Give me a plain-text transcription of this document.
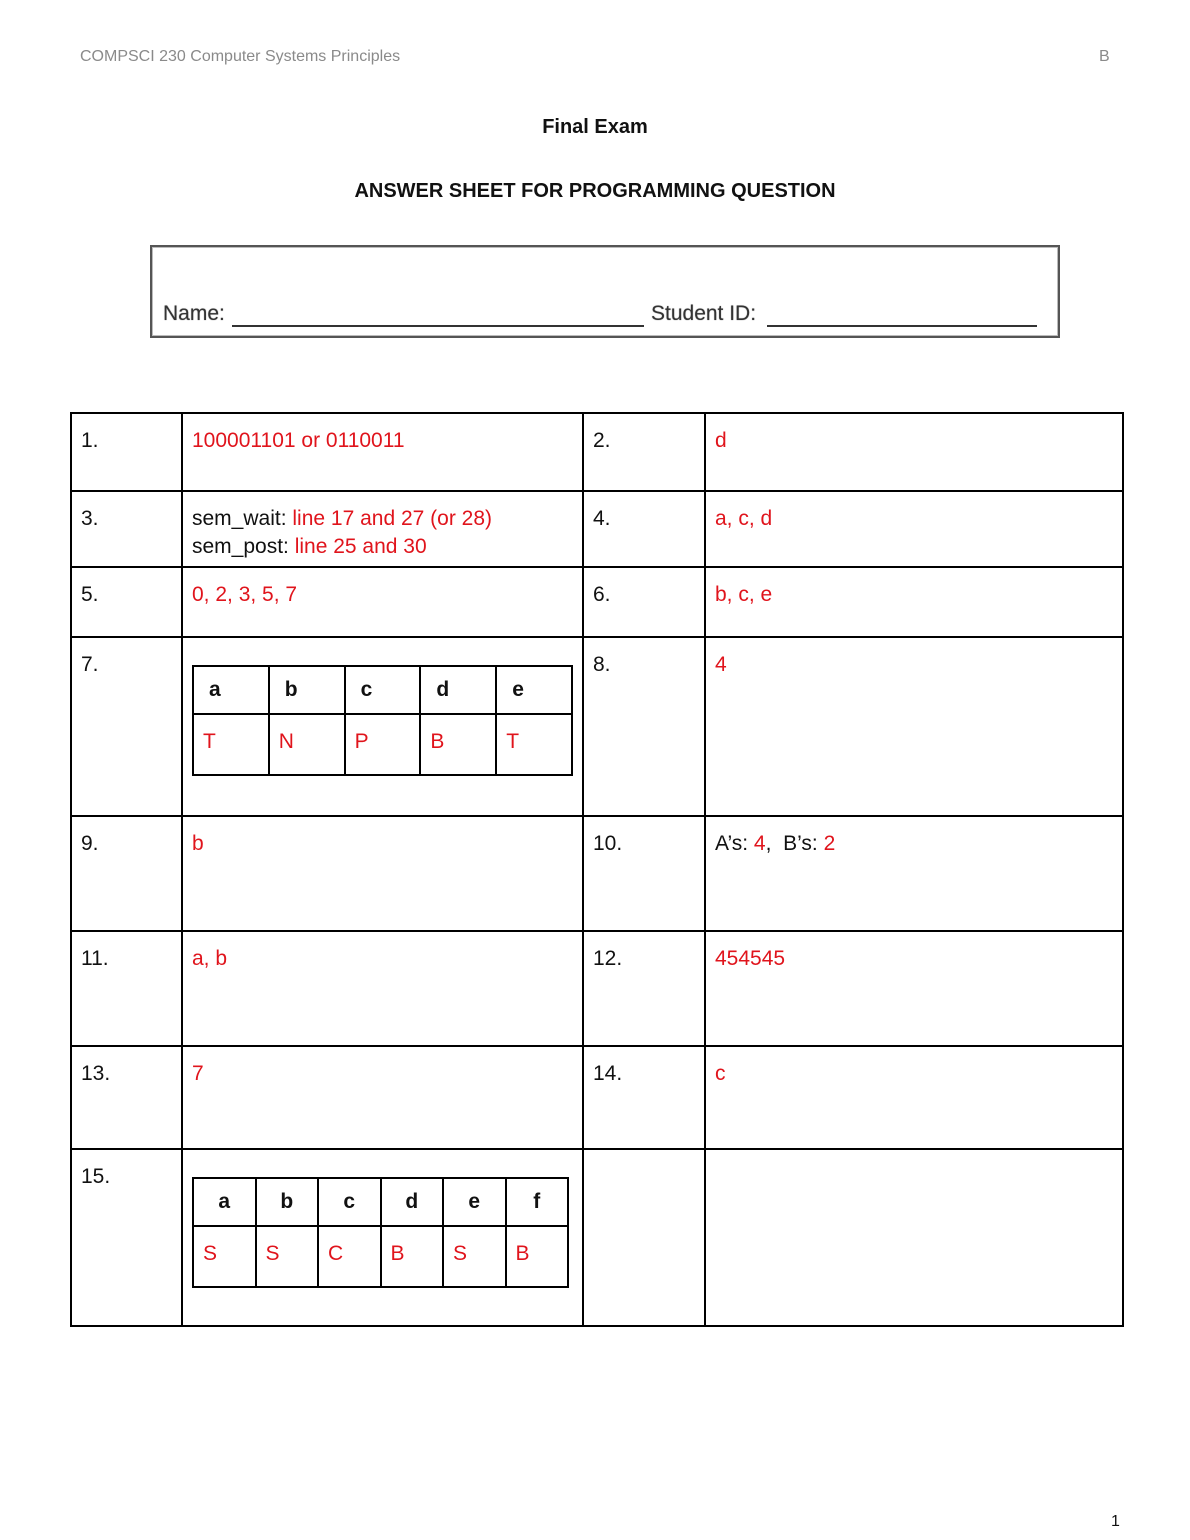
COMPSCI 230 Computer Systems Principles	B
Final Exam
ANSWER SHEET FOR PROGRAMMING QUESTION
Name:	Student ID:
1.	100001101 or 0110011	2.	d
3.	sem_wait: line 17 and 27 (or 28)
sem_post: line 25 and 30
	4.	a, c, d
5.	0, 2, 3, 5, 7	6.	b, c, e
7.	
a	b	c	d	e
T	N	P	B	T
	8.	4
9.	b	10.	A’s: 4,  B’s: 2
11.	a, b	12.	454545
13.	7	14.	c
15.	
a	b	c	d	e	f
S	S	C	B	S	B

1
